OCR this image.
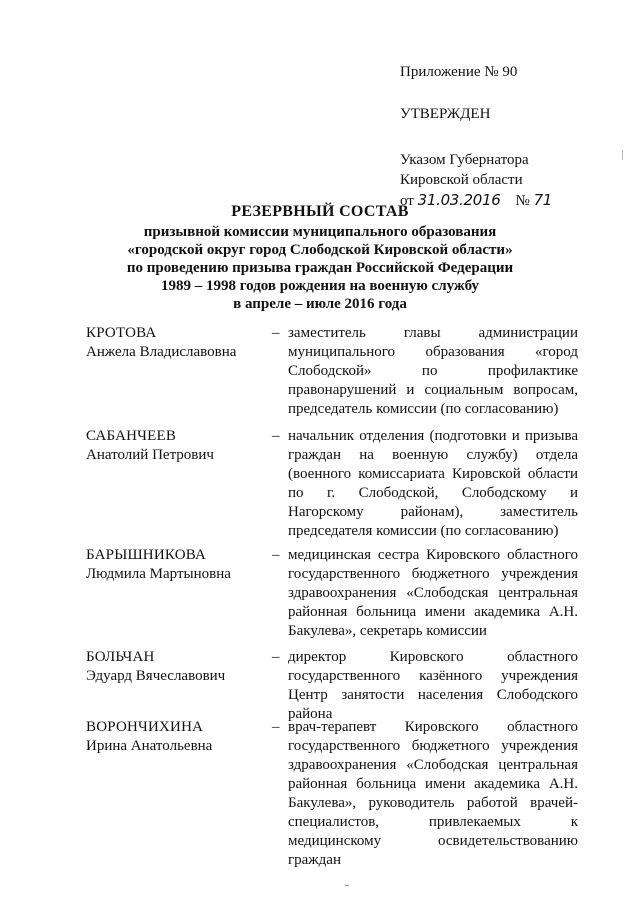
Приложение № 90
УТВЕРЖДЕН
Указом Губернатора
Кировской области
от 31.03.2016 № 71
РЕЗЕРВНЫЙ СОСТАВ
призывной комиссии муниципального образования
«городской округ город Слободской Кировской области»
по проведению призыва граждан Российской Федерации
1989 – 1998 годов рождения на военную службу
в апреле – июле 2016 года
КРОТОВА
Анжела Владиславовна
– заместитель главы администрации муниципального образования «город Слободской» по профилактике правонарушений и социальным вопросам, председатель комиссии (по согласованию)
САБАНЧЕЕВ
Анатолий Петрович
– начальник отделения (подготовки и призыва граждан на военную службу) отдела (военного комиссариата Кировской области по г. Слободской, Слободскому и Нагорскому районам), заместитель председателя комиссии (по согласованию)
БАРЫШНИКОВА
Людмила Мартыновна
– медицинская сестра Кировского областного государственного бюджетного учреждения здравоохранения «Слободская центральная районная больница имени академика А.Н. Бакулева», секретарь комиссии
БОЛЬЧАН
Эдуард Вячеславович
– директор Кировского областного государственного казённого учреждения Центр занятости населения Слободского района
ВОРОНЧИХИНА
Ирина Анатольевна
– врач-терапевт Кировского областного государственного бюджетного учреждения здравоохранения «Слободская центральная районная больница имени академика А.Н. Бакулева», руководитель работой врачей-специалистов, привлекаемых к медицинскому освидетельствованию граждан
